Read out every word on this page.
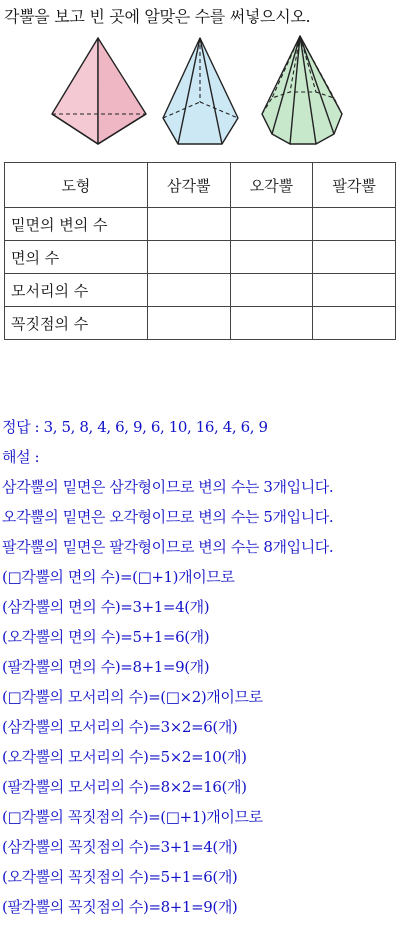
각뿔을 보고 빈 곳에 알맞은 수를 써넣으시오.
도형	삼각뿔	오각뿔	팔각뿔
밑면의 변의 수			
면의 수			
모서리의 수			
꼭짓점의 수			
정답 : 3, 5, 8, 4, 6, 9, 6, 10, 16, 4, 6, 9
해설 :
삼각뿔의 밑면은 삼각형이므로 변의 수는 3개입니다.
오각뿔의 밑면은 오각형이므로 변의 수는 5개입니다.
팔각뿔의 밑면은 팔각형이므로 변의 수는 8개입니다.
(□각뿔의 면의 수)=(□+1)개이므로
(삼각뿔의 면의 수)=3+1=4(개)
(오각뿔의 면의 수)=5+1=6(개)
(팔각뿔의 면의 수)=8+1=9(개)
(□각뿔의 모서리의 수)=(□×2)개이므로
(삼각뿔의 모서리의 수)=3×2=6(개)
(오각뿔의 모서리의 수)=5×2=10(개)
(팔각뿔의 모서리의 수)=8×2=16(개)
(□각뿔의 꼭짓점의 수)=(□+1)개이므로
(삼각뿔의 꼭짓점의 수)=3+1=4(개)
(오각뿔의 꼭짓점의 수)=5+1=6(개)
(팔각뿔의 꼭짓점의 수)=8+1=9(개)
